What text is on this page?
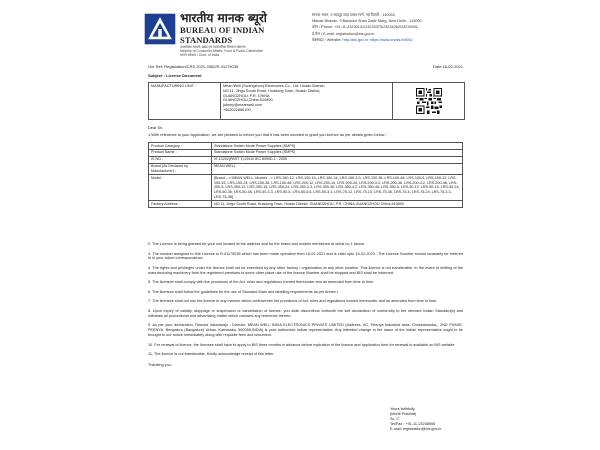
भारतीय मानक ब्यूरो
BUREAU OF INDIAN STANDARDS
उपभोक्ता मामले, खाद्य एवं सार्वजनिक वितरण मंत्रालय
Ministry of Consumer Affairs, Food & Public Distribution
भारत सरकार / Govt. of India
मानक भवन, 9 बहादुर शाह ज़फ़र मार्ग, नई दिल्ली - 110002
Manak Bhavan, 9 Bahadur Shah Zafar Marg, New Delhi - 110002
फ़ोन / Phone: +91-11-23230131/23233375/23234062/23239402
ई-मेल / E-mail: registration@bis.gov.in
वेबसाइट / Website: http://bis.gov.in; https://www.crsbis.in/BIS/
Our Ref: Registration/CRS 2021-3362/R-41179035	Date:16-02-2021
Subject : License Document
MANUFACTURING UNIT :	Mean Well (Guangzhou) Electronics Co., Ltd. Huadu Branch
NO.11, Jingu South Road, Huadong Town, Huadu District,
GUANGZHOU, P.R. CHINA
GUANGZHOU,China-510890
johnny@meanwell.com
+862022866100
Dear Sir,
1.With reference to your Application, we are pleased to inform you that it has been decided to grant you licence as per details given below :
Product Category :	Standalone Switch Mode Power Supplies (SMPS)
Product Name :	Standalone Switch Mode Power Supplies (SMPS)
IS NO :	IS 13252(PART 1):2010/ IEC 60950-1 : 2005
Brand (As Declared by Manufacturer) :	MEAN WELL
Model :	[Brand --> MEAN WELL, Models --> LRS-180-12, LRS-100-15, LRS-100-24, LRS-100-3.3, LRS-100-36, LRS-100-48, LRS-100-5, LRS-150-12, LRS-150-15, LRS-150-24, LRS-150-36, LRS-150-48, LRS-200-12, LRS-200-15, LRS-200-24, LRS-200-3.3, LRS-200-36, LRS-200-4.2, LRS-200-48, LRS-200-5, LRS-350-12, LRS-350-15, LRS-350-24, LRS-350-3.3, LRS-350-36, LRS-350-4.2, LRS-350-48, LRS-350-5, LRS-50-12, LRS-50-15, LRS-50-24, LRS-50-36, LRS-50-48, LRS-50-3.3, LRS-50-5, LRS-50-5.5, LRS-50-3.3, LRS-75-12, LRS-75-15, LRS-75-36, LRS-75-5, LRS-75-24, LRS-75-3.3, LRS-75-48]
Factory Address :	NO.11, Jingu South Road, Huadong Town, Huadu District, GUANGZHOU, P.R. CHINA GUANGZHOU,China-510890

2. The Licence is being granted for your unit located at the address and for the brand and models mentioned at serial no 1 above.

3. The number assigned to this Licence is R-41179035 which has been made operative from 16-02-2021 and is valid upto 15-02-2023 . The Licence Number should invariably be referred to in your future correspondence.

4. The rights and privileges under the licence shall not be exercised by any other factory / organization at any other location. This licence is not transferable. In the event of shifting of the manufacturing machinery from the registered premises to some other place use of the licence Number shall be stopped and BIS shall be informed.

5. The licensee shall comply with the provisions of the Act, rules and regulations framed thereunder and as amended from time to time.

6. The licensee shall follow the guidelines for the use of Standard Mark and labelling requirements as per Annex-I.

7. The licensee shall not use the licence in any manner which contravenes the provisions of Act, rules and regulations framed thereunder and as amended from time to time.

8. Upon expiry of validity, stoppage or suspension or cancellation of licence, you shall discontinue forthwith the self declaration of conformity to the relevant Indian Standard(s) and withdraw all promotional and advertising matter which contains any reference thereto.

9. As per your declaration, Renuka Varadaraju , Director, MEAN WELL INDIA ELECTRONICS PRIVATE LIMITED (Address- 8C, Peenya Industrial area, Chokkasandra,, 2ND PHASE, PEENYA, Bengaluru (Bangalore) Urban, Karnataka, 560058,INDIA) is your authorized Indian representative. Any intended change in the name of the Indian representative ought to be brought to our notice immediately along with requisite fees and document.

10. For renewal of licence, the licensee shall have to apply to BIS three months in advance before expiration of the licence and application form for renewal is available on BIS website

11. The licence is not transferable. Kindly acknowledge receipt of this letter.

Thanking you,

Yours faithfully,
(Mohit Prabhat)
Sc. C
Tel/Fax : +91-11-23238906
E-mail: registration@bis.gov.in
